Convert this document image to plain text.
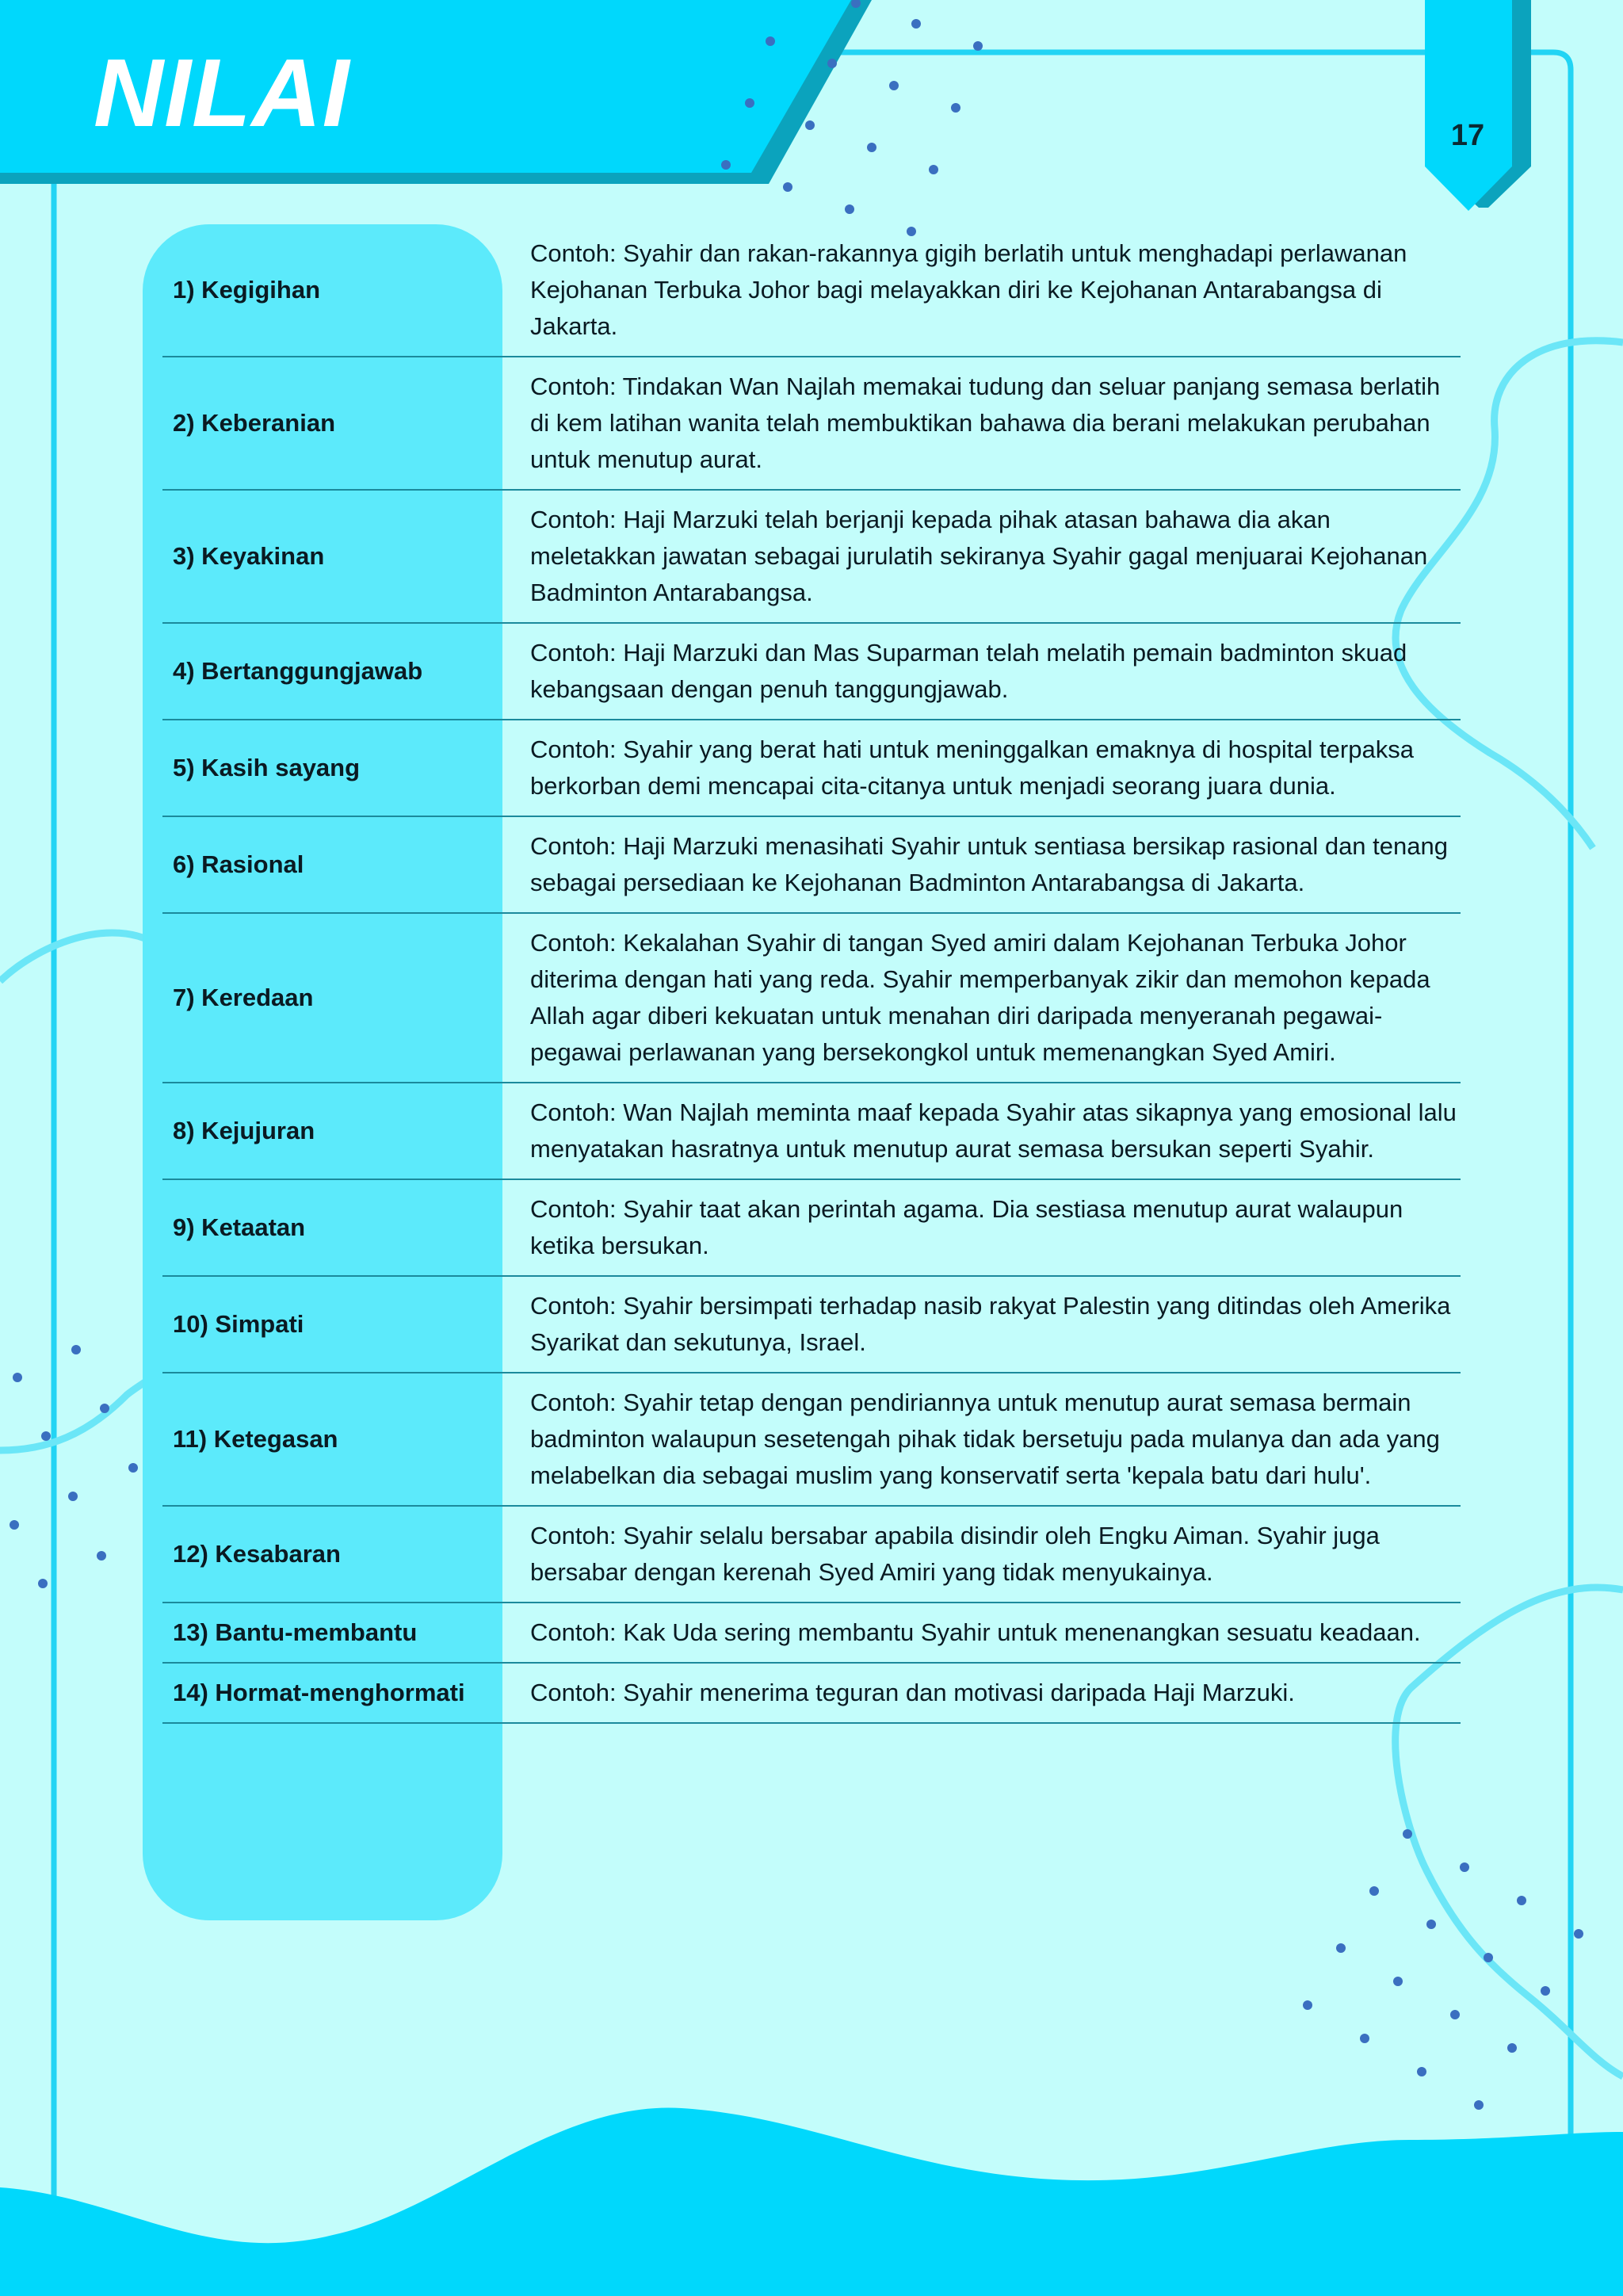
NILAI	17
1) Kegigihan	Contoh: Syahir dan rakan-rakannya gigih berlatih untuk menghadapi perlawanan Kejohanan Terbuka Johor bagi melayakkan diri ke Kejohanan Antarabangsa di Jakarta.
2) Keberanian	Contoh: Tindakan Wan Najlah memakai tudung dan seluar panjang semasa berlatih di kem latihan wanita telah membuktikan bahawa dia berani melakukan perubahan untuk menutup aurat.
3) Keyakinan	Contoh: Haji Marzuki telah berjanji kepada pihak atasan bahawa dia akan meletakkan jawatan sebagai jurulatih sekiranya Syahir gagal menjuarai Kejohanan Badminton Antarabangsa.
4) Bertanggungjawab	Contoh: Haji Marzuki dan Mas Suparman telah melatih pemain badminton skuad kebangsaan dengan penuh tanggungjawab.
5) Kasih sayang	Contoh: Syahir yang berat hati untuk meninggalkan emaknya di hospital terpaksa berkorban demi mencapai cita-citanya untuk menjadi seorang juara dunia.
6) Rasional	Contoh: Haji Marzuki menasihati Syahir untuk sentiasa bersikap rasional dan tenang sebagai persediaan ke Kejohanan Badminton Antarabangsa di Jakarta.
7) Keredaan	Contoh: Kekalahan Syahir di tangan Syed amiri dalam Kejohanan Terbuka Johor diterima dengan hati yang reda. Syahir memperbanyak zikir dan memohon kepada Allah agar diberi kekuatan untuk menahan diri daripada menyeranah pegawai-pegawai perlawanan yang bersekongkol untuk memenangkan Syed Amiri.
8) Kejujuran	Contoh: Wan Najlah meminta maaf kepada Syahir atas sikapnya yang emosional lalu menyatakan hasratnya untuk menutup aurat semasa bersukan seperti Syahir.
9) Ketaatan	Contoh: Syahir taat akan perintah agama. Dia sestiasa menutup aurat walaupun ketika bersukan.
10) Simpati	Contoh: Syahir bersimpati terhadap nasib rakyat Palestin yang ditindas oleh Amerika Syarikat dan sekutunya, Israel.
11) Ketegasan	Contoh: Syahir tetap dengan pendiriannya untuk menutup aurat semasa bermain badminton walaupun sesetengah pihak tidak bersetuju pada mulanya dan ada yang melabelkan dia sebagai muslim yang konservatif serta 'kepala batu dari hulu'.
12) Kesabaran	Contoh: Syahir selalu bersabar apabila disindir oleh Engku Aiman. Syahir juga bersabar dengan kerenah Syed Amiri yang tidak menyukainya.
13) Bantu-membantu	Contoh: Kak Uda sering membantu Syahir untuk menenangkan sesuatu keadaan.
14) Hormat-menghormati	Contoh: Syahir menerima teguran dan motivasi daripada Haji Marzuki.
